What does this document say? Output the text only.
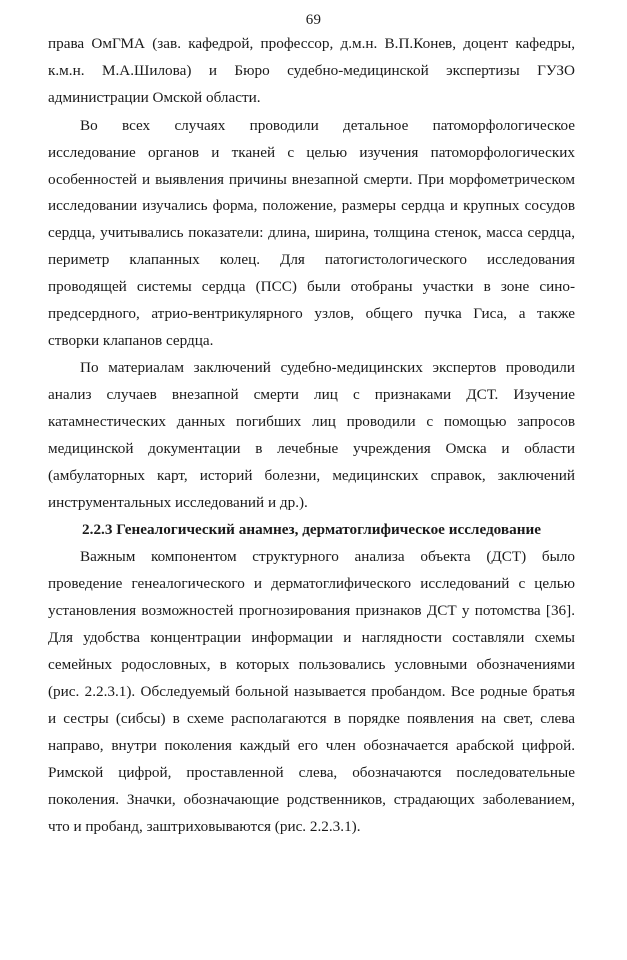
69
права ОмГМА (зав. кафедрой, профессор, д.м.н. В.П.Конев, доцент кафедры,
к.м.н. М.А.Шилова) и Бюро судебно-медицинской экспертизы ГУЗО
администрации Омской области.
Во всех случаях проводили детальное патоморфологическое
исследование органов и тканей с целью изучения патоморфологических
особенностей и выявления причины внезапной смерти. При морфометрическом
исследовании изучались форма, положение, размеры сердца и крупных сосудов
сердца, учитывались показатели: длина, ширина, толщина стенок, масса сердца,
периметр клапанных колец. Для патогистологического исследования
проводящей системы сердца (ПСС) были отобраны участки в зоне сино-
предсердного, атрио-вентрикулярного узлов, общего пучка Гиса, а также
створки клапанов сердца.
По материалам заключений судебно-медицинских экспертов проводили
анализ случаев внезапной смерти лиц с признаками ДСТ. Изучение
катамнестических данных погибших лиц проводили с помощью запросов
медицинской документации в лечебные учреждения Омска и области
(амбулаторных карт, историй болезни, медицинских справок, заключений
инструментальных исследований и др.).
2.2.3 Генеалогический анамнез, дерматоглифическое исследование
Важным компонентом структурного анализа объекта (ДСТ) было
проведение генеалогического и дерматоглифического исследований с целью
установления возможностей прогнозирования признаков ДСТ у потомства [36].
Для удобства концентрации информации и наглядности составляли схемы
семейных родословных, в которых пользовались условными обозначениями
(рис. 2.2.3.1). Обследуемый больной называется пробандом. Все родные братья
и сестры (сибсы) в схеме располагаются в порядке появления на свет, слева
направо, внутри поколения каждый его член обозначается арабской цифрой.
Римской цифрой, проставленной слева, обозначаются последовательные
поколения. Значки, обозначающие родственников, страдающих заболеванием,
что и пробанд, заштриховываются (рис. 2.2.3.1).
